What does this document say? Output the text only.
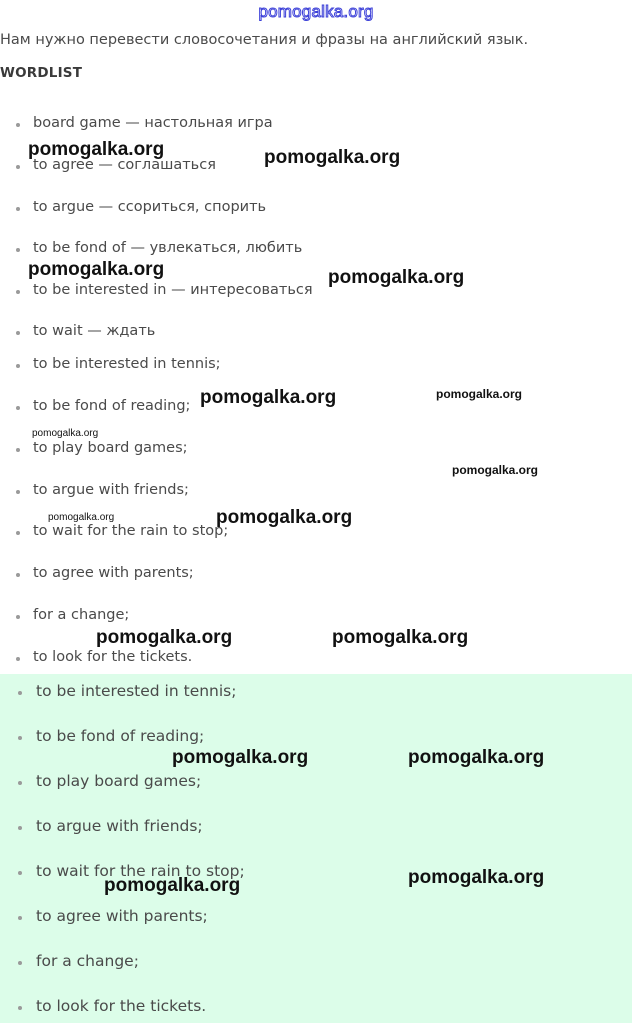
pomogalka.org
Нам нужно перевести словосочетания и фразы на английский язык.
WORDLIST
board game — настольная игра
to agree — соглашаться
to argue — ссориться, спорить
to be fond of — увлекаться, любить
to be interested in — интересоваться
to wait — ждать
to be interested in tennis;
to be fond of reading;
to play board games;
to argue with friends;
to wait for the rain to stop;
to agree with parents;
for a change;
to look for the tickets.
to be interested in tennis;
to be fond of reading;
to play board games;
to argue with friends;
to wait for the rain to stop;
to agree with parents;
for a change;
to look for the tickets.
pomogalka.org	pomogalka.org
pomogalka.org	pomogalka.org
pomogalka.org	pomogalka.org
pomogalka.org
pomogalka.org
pomogalka.org	pomogalka.org
pomogalka.org	pomogalka.org
pomogalka.org	pomogalka.org
pomogalka.org	pomogalka.org
